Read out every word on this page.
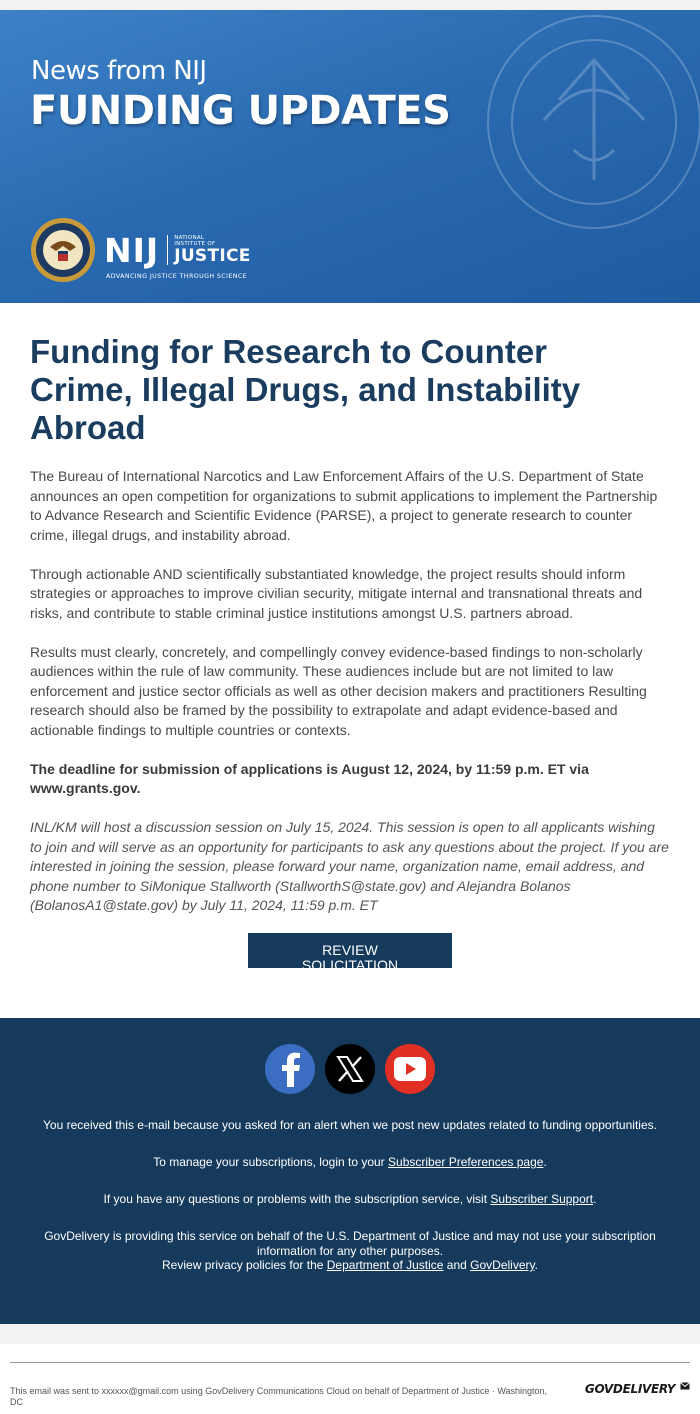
News from NIJ
FUNDING UPDATES
NIJ	NATIONAL
INSTITUTE OF
JUSTICE
ADVANCING JUSTICE THROUGH SCIENCE
Funding for Research to Counter Crime, Illegal Drugs, and Instability Abroad

The Bureau of International Narcotics and Law Enforcement Affairs of the U.S. Department of State announces an open competition for organizations to submit applications to implement the Partnership to Advance Research and Scientific Evidence (PARSE), a project to generate research to counter crime, illegal drugs, and instability abroad.

Through actionable AND scientifically substantiated knowledge, the project results should inform strategies or approaches to improve civilian security, mitigate internal and transnational threats and risks, and contribute to stable criminal justice institutions amongst U.S. partners abroad.

Results must clearly, concretely, and compellingly convey evidence-based findings to non-scholarly audiences within the rule of law community. These audiences include but are not limited to law enforcement and justice sector officials as well as other decision makers and practitioners Resulting research should also be framed by the possibility to extrapolate and adapt evidence-based and actionable findings to multiple countries or contexts.

The deadline for submission of applications is August 12, 2024, by 11:59 p.m. ET via www.grants.gov.

INL/KM will host a discussion session on July 15, 2024. This session is open to all applicants wishing to join and will serve as an opportunity for participants to ask any questions about the project. If you are interested in joining the session, please forward your name, organization name, email address, and phone number to SiMonique Stallworth (StallworthS@state.gov) and Alejandra Bolanos (BolanosA1@state.gov) by July 11, 2024, 11:59 p.m. ET

REVIEW SOLICITATION

You received this e-mail because you asked for an alert when we post new updates related to funding opportunities.

To manage your subscriptions, login to your Subscriber Preferences page.

If you have any questions or problems with the subscription service, visit Subscriber Support.

GovDelivery is providing this service on behalf of the U.S. Department of Justice and may not use your subscription information for any other purposes.
Review privacy policies for the Department of Justice and GovDelivery.

This email was sent to xxxxxx@gmail.com using GovDelivery Communications Cloud on behalf of Department of Justice · Washington, DC
GOVDELIVERY
